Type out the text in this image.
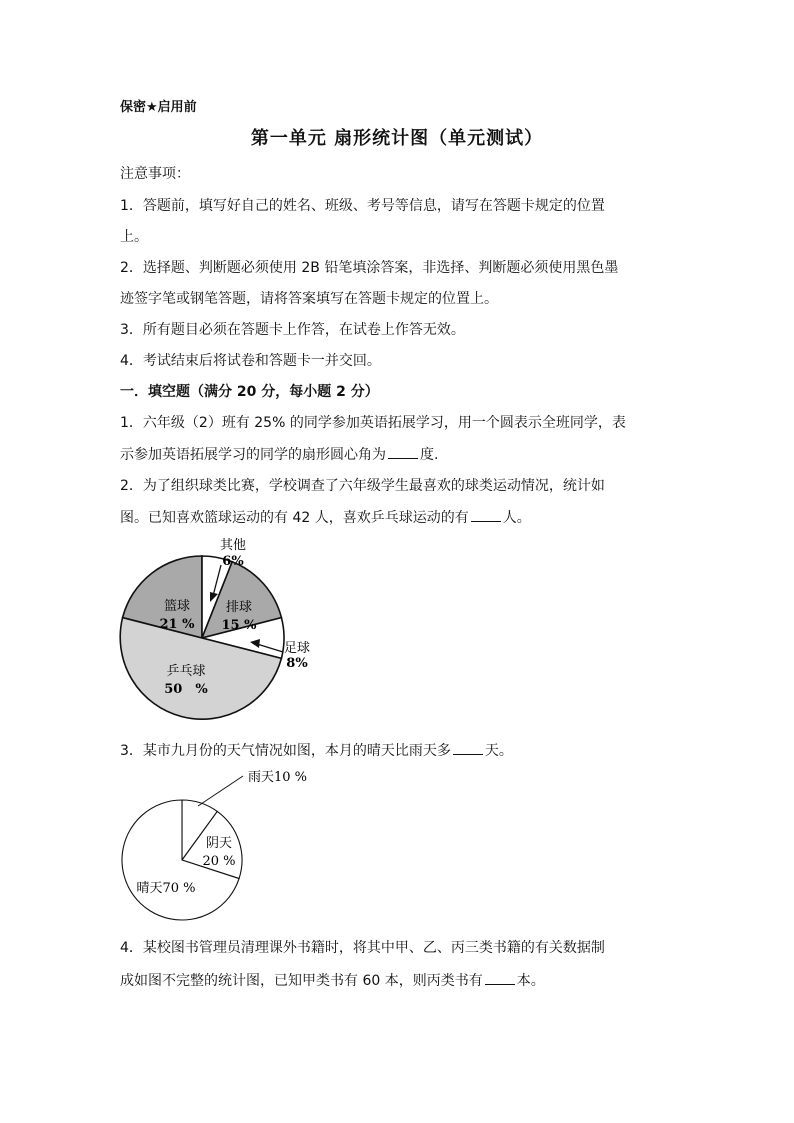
保密★启用前
第一单元 扇形统计图（单元测试）
注意事项：
1．答题前，填写好自己的姓名、班级、考号等信息，请写在答题卡规定的位置
上。
2．选择题、判断题必须使用 2B 铅笔填涂答案，非选择、判断题必须使用黑色墨
迹签字笔或钢笔答题，请将答案填写在答题卡规定的位置上。
3．所有题目必须在答题卡上作答，在试卷上作答无效。
4．考试结束后将试卷和答题卡一并交回。
一．填空题（满分 20 分，每小题 2 分）
1．六年级（2）班有 25% 的同学参加英语拓展学习，用一个圆表示全班同学，表
示参加英语拓展学习的同学的扇形圆心角为 度.
2．为了组织球类比赛，学校调查了六年级学生最喜欢的球类运动情况，统计如
图。已知喜欢篮球运动的有 42 人，喜欢乒乓球运动的有 人。
篮球
21 %
其他
6%
排球
15 %
足球
8%
乒乓球
50　%
3．某市九月份的天气情况如图，本月的晴天比雨天多 天。
雨天10 %
阴天
20 %
晴天70 %
4．某校图书管理员清理课外书籍时，将其中甲、乙、丙三类书籍的有关数据制
成如图不完整的统计图，已知甲类书有 60 本，则丙类书有 本。
